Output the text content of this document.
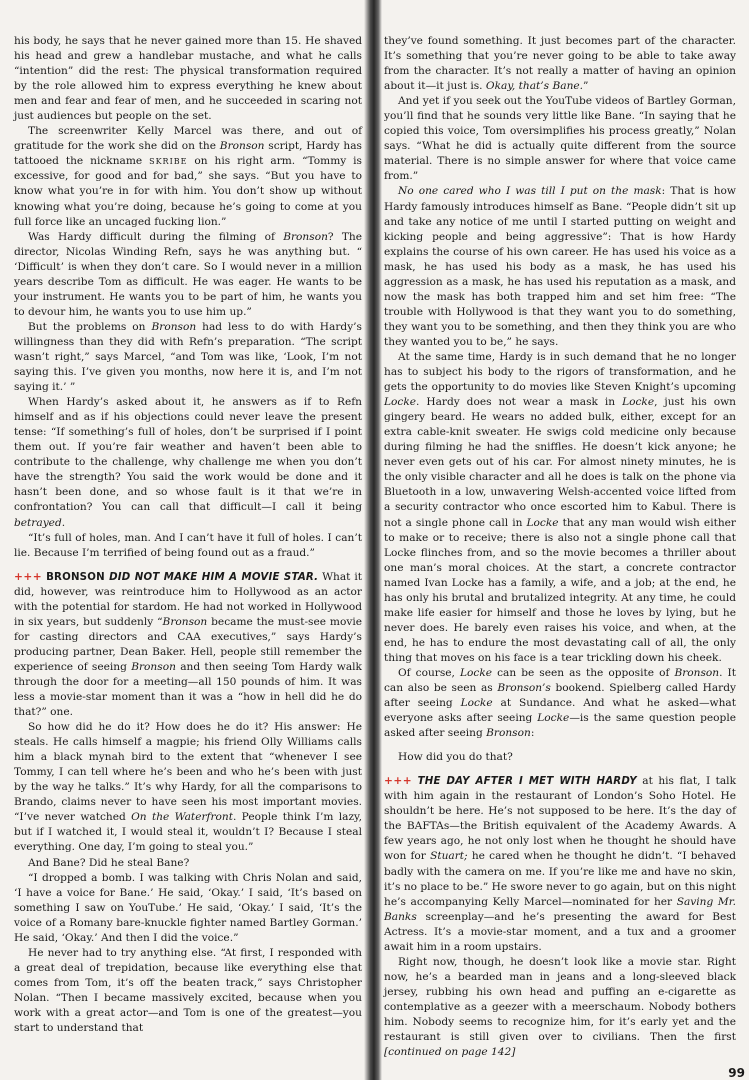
his body, he says that he never gained more than 15. He shaved his head and grew a handlebar mustache, and what he calls “intention” did the rest: The physical transformation required by the role allowed him to express everything he knew about men and fear and fear of men, and he succeeded in scaring not just audiences but people on the set.

The screenwriter Kelly Marcel was there, and out of gratitude for the work she did on the Bronson script, Hardy has tattooed the nickname SKRIBE on his right arm. “Tommy is excessive, for good and for bad,” she says. “But you have to know what you’re in for with him. You don’t show up without knowing what you’re doing, because he’s going to come at you full force like an uncaged fucking lion.”

Was Hardy difficult during the filming of Bronson? The director, Nicolas Winding Refn, says he was anything but. “ ‘Difficult’ is when they don’t care. So I would never in a million years describe Tom as difficult. He was eager. He wants to be your instrument. He wants you to be part of him, he wants you to devour him, he wants you to use him up.”

But the problems on Bronson had less to do with Hardy’s willingness than they did with Refn’s preparation. “The script wasn’t right,” says Marcel, “and Tom was like, ‘Look, I’m not saying this. I’ve given you months, now here it is, and I’m not saying it.’ ”

When Hardy’s asked about it, he answers as if to Refn himself and as if his objections could never leave the present tense: “If something’s full of holes, don’t be surprised if I point them out. If you’re fair weather and haven’t been able to contribute to the challenge, why challenge me when you don’t have the strength? You said the work would be done and it hasn’t been done, and so whose fault is it that we’re in confrontation? You can call that difficult—I call it being betrayed.

“It’s full of holes, man. And I can’t have it full of holes. I can’t lie. Because I’m terrified of being found out as a fraud.”

+++ BRONSON DID NOT MAKE HIM A MOVIE STAR. What it did, however, was reintroduce him to Hollywood as an actor with the potential for stardom. He had not worked in Hollywood in six years, but suddenly “Bronson became the must-see movie for casting directors and CAA executives,” says Hardy’s producing partner, Dean Baker. Hell, people still remember the experience of seeing Bronson and then seeing Tom Hardy walk through the door for a meeting—all 150 pounds of him. It was less a movie-star moment than it was a “how in hell did he do that?” one.

So how did he do it? How does he do it? His answer: He steals. He calls himself a magpie; his friend Olly Williams calls him a black mynah bird to the extent that “whenever I see Tommy, I can tell where he’s been and who he’s been with just by the way he talks.” It’s why Hardy, for all the comparisons to Brando, claims never to have seen his most important movies. “I’ve never watched On the Waterfront. People think I’m lazy, but if I watched it, I would steal it, wouldn’t I? Because I steal everything. One day, I’m going to steal you.”

And Bane? Did he steal Bane?

“I dropped a bomb. I was talking with Chris Nolan and said, ‘I have a voice for Bane.’ He said, ‘Okay.’ I said, ‘It’s based on something I saw on YouTube.’ He said, ‘Okay.’ I said, ‘It’s the voice of a Romany bare-knuckle fighter named Bartley Gorman.’ He said, ‘Okay.’ And then I did the voice.”

He never had to try anything else. “At first, I responded with a great deal of trepidation, because like everything else that comes from Tom, it’s off the beaten track,” says Christopher Nolan. “Then I became massively excited, because when you work with a great actor—and Tom is one of the greatest—you start to understand that

they’ve found something. It just becomes part of the character. It’s something that you’re never going to be able to take away from the character. It’s not really a matter of having an opinion about it—it just is. Okay, that’s Bane.”

And yet if you seek out the YouTube videos of Bartley Gorman, you’ll find that he sounds very little like Bane. “In saying that he copied this voice, Tom oversimplifies his process greatly,” Nolan says. “What he did is actually quite different from the source material. There is no simple answer for where that voice came from.”

No one cared who I was till I put on the mask: That is how Hardy famously introduces himself as Bane. “People didn’t sit up and take any notice of me until I started putting on weight and kicking people and being aggressive”: That is how Hardy explains the course of his own career. He has used his voice as a mask, he has used his body as a mask, he has used his aggression as a mask, he has used his reputation as a mask, and now the mask has both trapped him and set him free: “The trouble with Hollywood is that they want you to do something, they want you to be something, and then they think you are who they wanted you to be,” he says.

At the same time, Hardy is in such demand that he no longer has to subject his body to the rigors of transformation, and he gets the opportunity to do movies like Steven Knight’s upcoming Locke. Hardy does not wear a mask in Locke, just his own gingery beard. He wears no added bulk, either, except for an extra cable-knit sweater. He swigs cold medicine only because during filming he had the sniffles. He doesn’t kick anyone; he never even gets out of his car. For almost ninety minutes, he is the only visible character and all he does is talk on the phone via Bluetooth in a low, unwavering Welsh-accented voice lifted from a security contractor who once escorted him to Kabul. There is not a single phone call in Locke that any man would wish either to make or to receive; there is also not a single phone call that Locke flinches from, and so the movie becomes a thriller about one man’s moral choices. At the start, a concrete contractor named Ivan Locke has a family, a wife, and a job; at the end, he has only his brutal and brutalized integrity. At any time, he could make life easier for himself and those he loves by lying, but he never does. He barely even raises his voice, and when, at the end, he has to endure the most devastating call of all, the only thing that moves on his face is a tear trickling down his cheek.

Of course, Locke can be seen as the opposite of Bronson. It can also be seen as Bronson’s bookend. Spielberg called Hardy after seeing Locke at Sundance. And what he asked—what everyone asks after seeing Locke—is the same question people asked after seeing Bronson:

How did you do that?

+++ THE DAY AFTER I MET WITH HARDY at his flat, I talk with him again in the restaurant of London’s Soho Hotel. He shouldn’t be here. He’s not supposed to be here. It’s the day of the BAFTAs—the British equivalent of the Academy Awards. A few years ago, he not only lost when he thought he should have won for Stuart; he cared when he thought he didn’t. “I behaved badly with the camera on me. If you’re like me and have no skin, it’s no place to be.” He swore never to go again, but on this night he’s accompanying Kelly Marcel—nominated for her Saving Mr. Banks screenplay—and he’s presenting the award for Best Actress. It’s a movie-star moment, and a tux and a groomer await him in a room upstairs.

Right now, though, he doesn’t look like a movie star. Right now, he’s a bearded man in jeans and a long-sleeved black jersey, rubbing his own head and puffing an e-cigarette as contemplative as a geezer with a meerschaum. Nobody bothers him. Nobody seems to recognize him, for it’s early yet and the restaurant is still given over to civilians. Then the first [continued on page 142]

99
